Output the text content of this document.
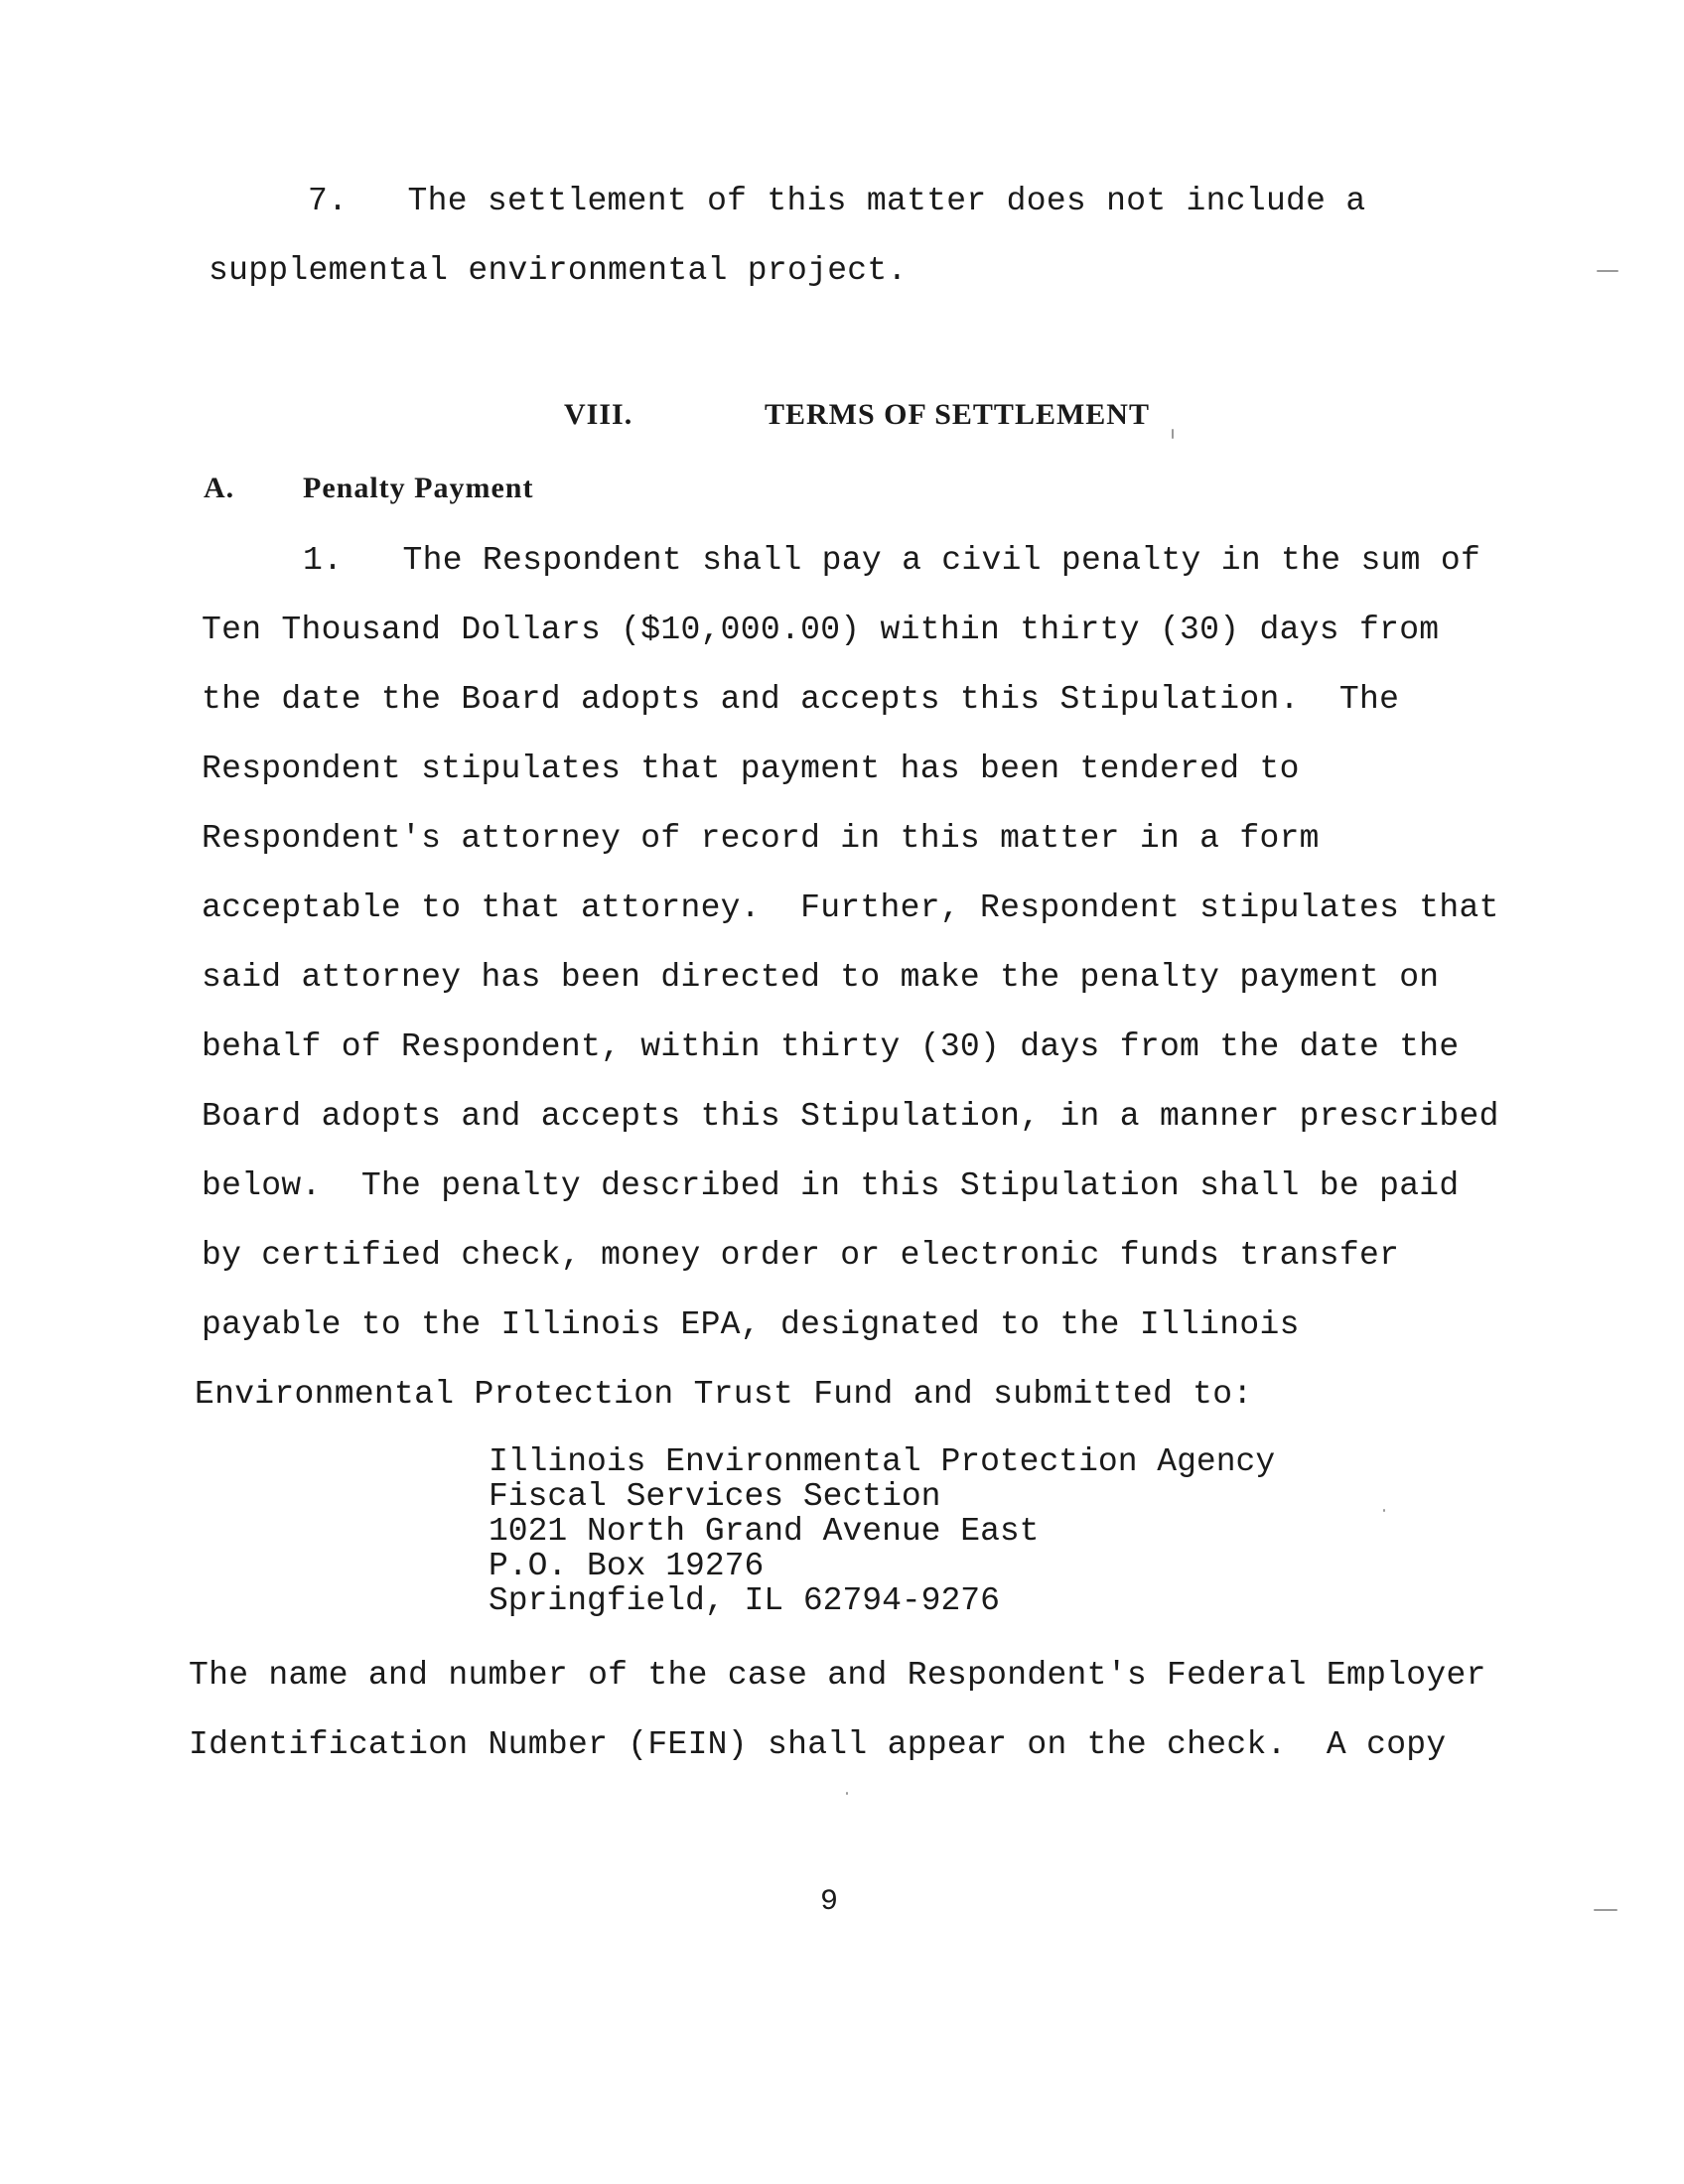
7.   The settlement of this matter does not include a
supplemental environmental project.
VIII.	TERMS OF SETTLEMENT
A. Penalty Payment
1.   The Respondent shall pay a civil penalty in the sum of
Ten Thousand Dollars ($10,000.00) within thirty (30) days from
the date the Board adopts and accepts this Stipulation.  The
Respondent stipulates that payment has been tendered to
Respondent's attorney of record in this matter in a form
acceptable to that attorney.  Further, Respondent stipulates that
said attorney has been directed to make the penalty payment on
behalf of Respondent, within thirty (30) days from the date the
Board adopts and accepts this Stipulation, in a manner prescribed
below.  The penalty described in this Stipulation shall be paid
by certified check, money order or electronic funds transfer
payable to the Illinois EPA, designated to the Illinois
Environmental Protection Trust Fund and submitted to:
Illinois Environmental Protection Agency
Fiscal Services Section
1021 North Grand Avenue East
P.O. Box 19276
Springfield, IL 62794-9276
The name and number of the case and Respondent's Federal Employer
Identification Number (FEIN) shall appear on the check.  A copy
9
